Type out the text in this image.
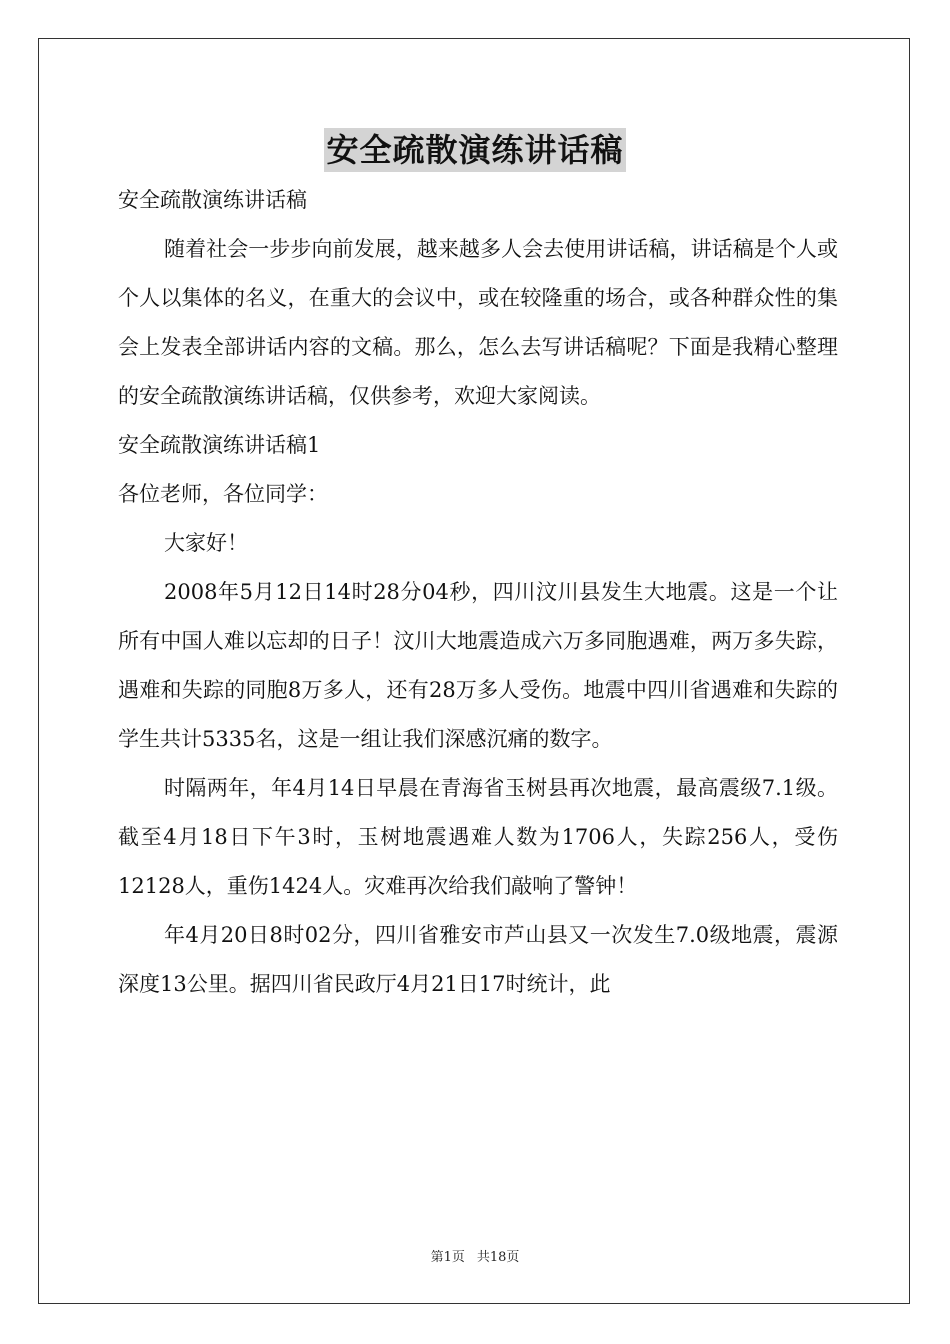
安全疏散演练讲话稿

安全疏散演练讲话稿

随着社会一步步向前发展，越来越多人会去使用讲话稿，讲话稿是个人或个人以集体的名义，在重大的会议中，或在较隆重的场合，或各种群众性的集会上发表全部讲话内容的文稿。那么，怎么去写讲话稿呢？下面是我精心整理的安全疏散演练讲话稿，仅供参考，欢迎大家阅读。

安全疏散演练讲话稿1

各位老师，各位同学：

大家好！

2008年5月12日14时28分04秒，四川汶川县发生大地震。这是一个让所有中国人难以忘却的日子！汶川大地震造成六万多同胞遇难，两万多失踪，遇难和失踪的同胞8万多人，还有28万多人受伤。地震中四川省遇难和失踪的学生共计5335名，这是一组让我们深感沉痛的数字。

时隔两年，年4月14日早晨在青海省玉树县再次地震，最高震级7.1级。截至4月18日下午3时，玉树地震遇难人数为1706人，失踪256人，受伤12128人，重伤1424人。灾难再次给我们敲响了警钟！

年4月20日8时02分，四川省雅安市芦山县又一次发生7.0级地震，震源深度13公里。据四川省民政厅4月21日17时统计，此

第1页 共18页
